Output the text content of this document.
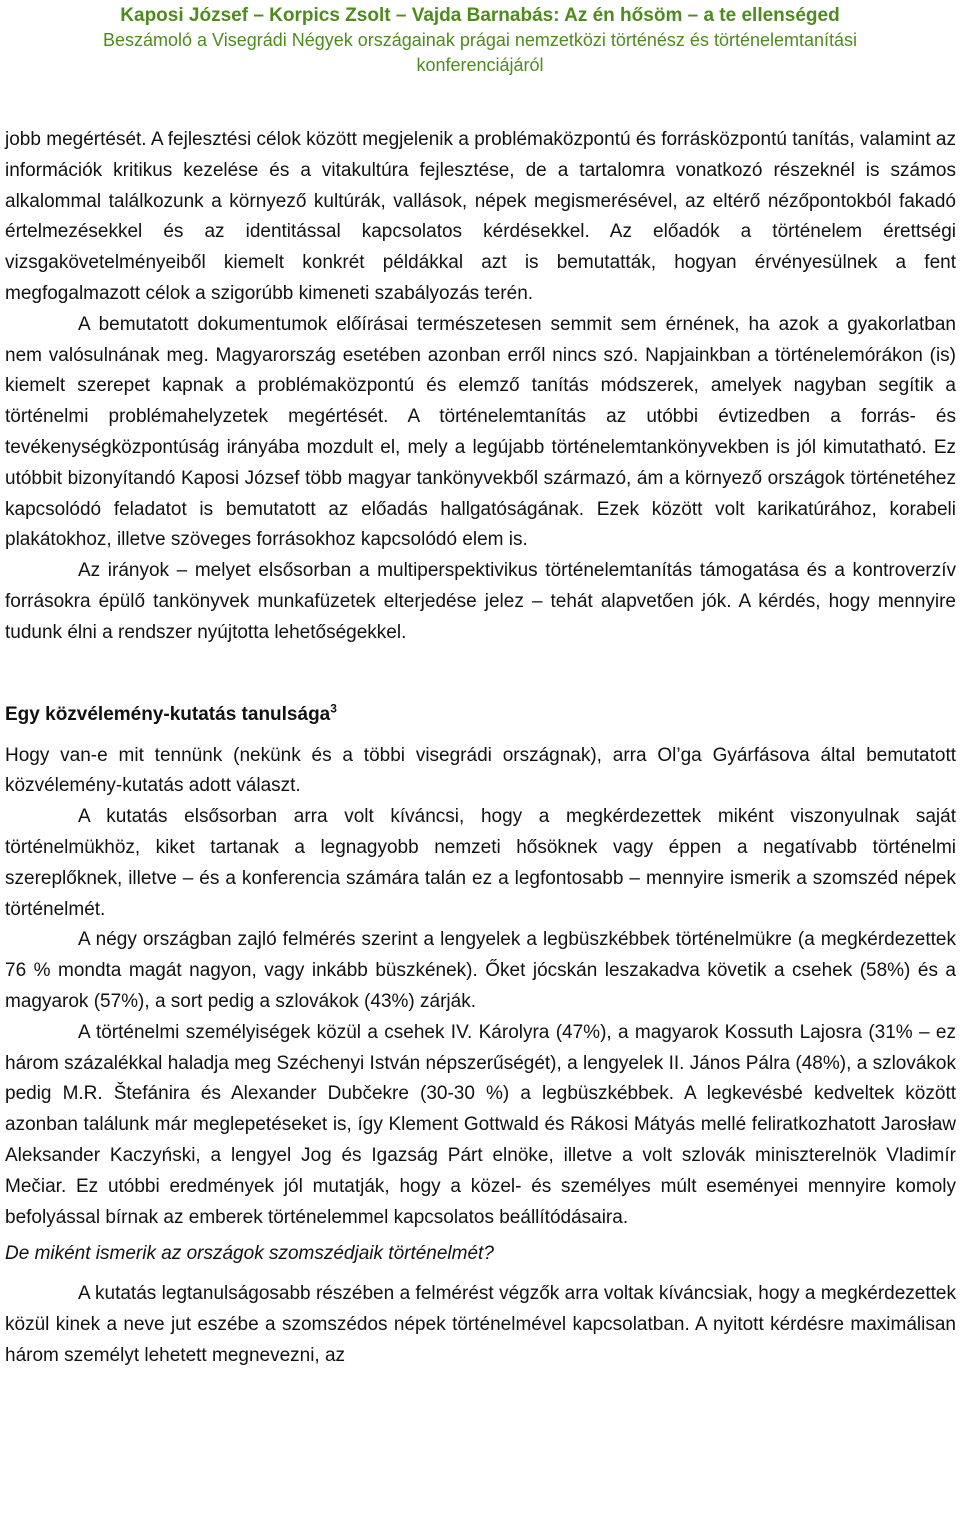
Kaposi József – Korpics Zsolt – Vajda Barnabás: Az én hősöm – a te ellenséged
Beszámoló a Visegrádi Négyek országainak prágai nemzetközi történész és történelemtanítási
konferenciájáról

jobb megértését. A fejlesztési célok között megjelenik a problémaközpontú és forrásközpontú tanítás, valamint az információk kritikus kezelése és a vitakultúra fejlesztése, de a tartalomra vonatkozó részeknél is számos alkalommal találkozunk a környező kultúrák, vallások, népek megismerésével, az eltérő nézőpontokból fakadó értelmezésekkel és az identitással kapcsolatos kérdésekkel. Az előadók a történelem érettségi vizsgakövetelményeiből kiemelt konkrét példákkal azt is bemutatták, hogyan érvényesülnek a fent megfogalmazott célok a szigorúbb kimeneti szabályozás terén.

A bemutatott dokumentumok előírásai természetesen semmit sem érnének, ha azok a gyakorlatban nem valósulnának meg. Magyarország esetében azonban erről nincs szó. Napjainkban a történelemórákon (is) kiemelt szerepet kapnak a problémaközpontú és elemző tanítás módszerek, amelyek nagyban segítik a történelmi problémahelyzetek megértését. A történelemtanítás az utóbbi évtizedben a forrás- és tevékenységközpontúság irányába mozdult el, mely a legújabb történelemtankönyvekben is jól kimutatható. Ez utóbbit bizonyítandó Kaposi József több magyar tankönyvekből származó, ám a környező országok történetéhez kapcsolódó feladatot is bemutatott az előadás hallgatóságának. Ezek között volt karikatúrához, korabeli plakátokhoz, illetve szöveges forrásokhoz kapcsolódó elem is.

Az irányok – melyet elsősorban a multiperspektivikus történelemtanítás támogatása és a kontroverzív forrásokra épülő tankönyvek munkafüzetek elterjedése jelez – tehát alapvetően jók. A kérdés, hogy mennyire tudunk élni a rendszer nyújtotta lehetőségekkel.

Egy közvélemény-kutatás tanulsága$^3$

Hogy van-e mit tennünk (nekünk és a többi visegrádi országnak), arra Ol’ga Gyárfásova által bemutatott közvélemény-kutatás adott választ.

A kutatás elsősorban arra volt kíváncsi, hogy a megkérdezettek miként viszonyulnak saját történelmükhöz, kiket tartanak a legnagyobb nemzeti hősöknek vagy éppen a negatívabb történelmi szereplőknek, illetve – és a konferencia számára talán ez a legfontosabb – mennyire ismerik a szomszéd népek történelmét.

A négy országban zajló felmérés szerint a lengyelek a legbüszkébbek történelmükre (a megkérdezettek 76 % mondta magát nagyon, vagy inkább büszkének). Őket jócskán leszakadva követik a csehek (58%) és a magyarok (57%), a sort pedig a szlovákok (43%) zárják.

A történelmi személyiségek közül a csehek IV. Károlyra (47%), a magyarok Kossuth Lajosra (31% – ez három százalékkal haladja meg Széchenyi István népszerűségét), a lengyelek II. János Pálra (48%), a szlovákok pedig M.R. Štefánira és Alexander Dubčekre (30-30 %) a legbüszkébbek. A legkevésbé kedveltek között azonban találunk már meglepetéseket is, így Klement Gottwald és Rákosi Mátyás mellé feliratkozhatott Jarosław Aleksander Kaczyński, a lengyel Jog és Igazság Párt elnöke, illetve a volt szlovák miniszterelnök Vladimír Mečiar. Ez utóbbi eredmények jól mutatják, hogy a közel- és személyes múlt eseményei mennyire komoly befolyással bírnak az emberek történelemmel kapcsolatos beállítódásaira.

De miként ismerik az országok szomszédjaik történelmét?

A kutatás legtanulságosabb részében a felmérést végzők arra voltak kíváncsiak, hogy a megkérdezettek közül kinek a neve jut eszébe a szomszédos népek történelmével kapcsolatban. A nyitott kérdésre maximálisan három személyt lehetett megnevezni, az
